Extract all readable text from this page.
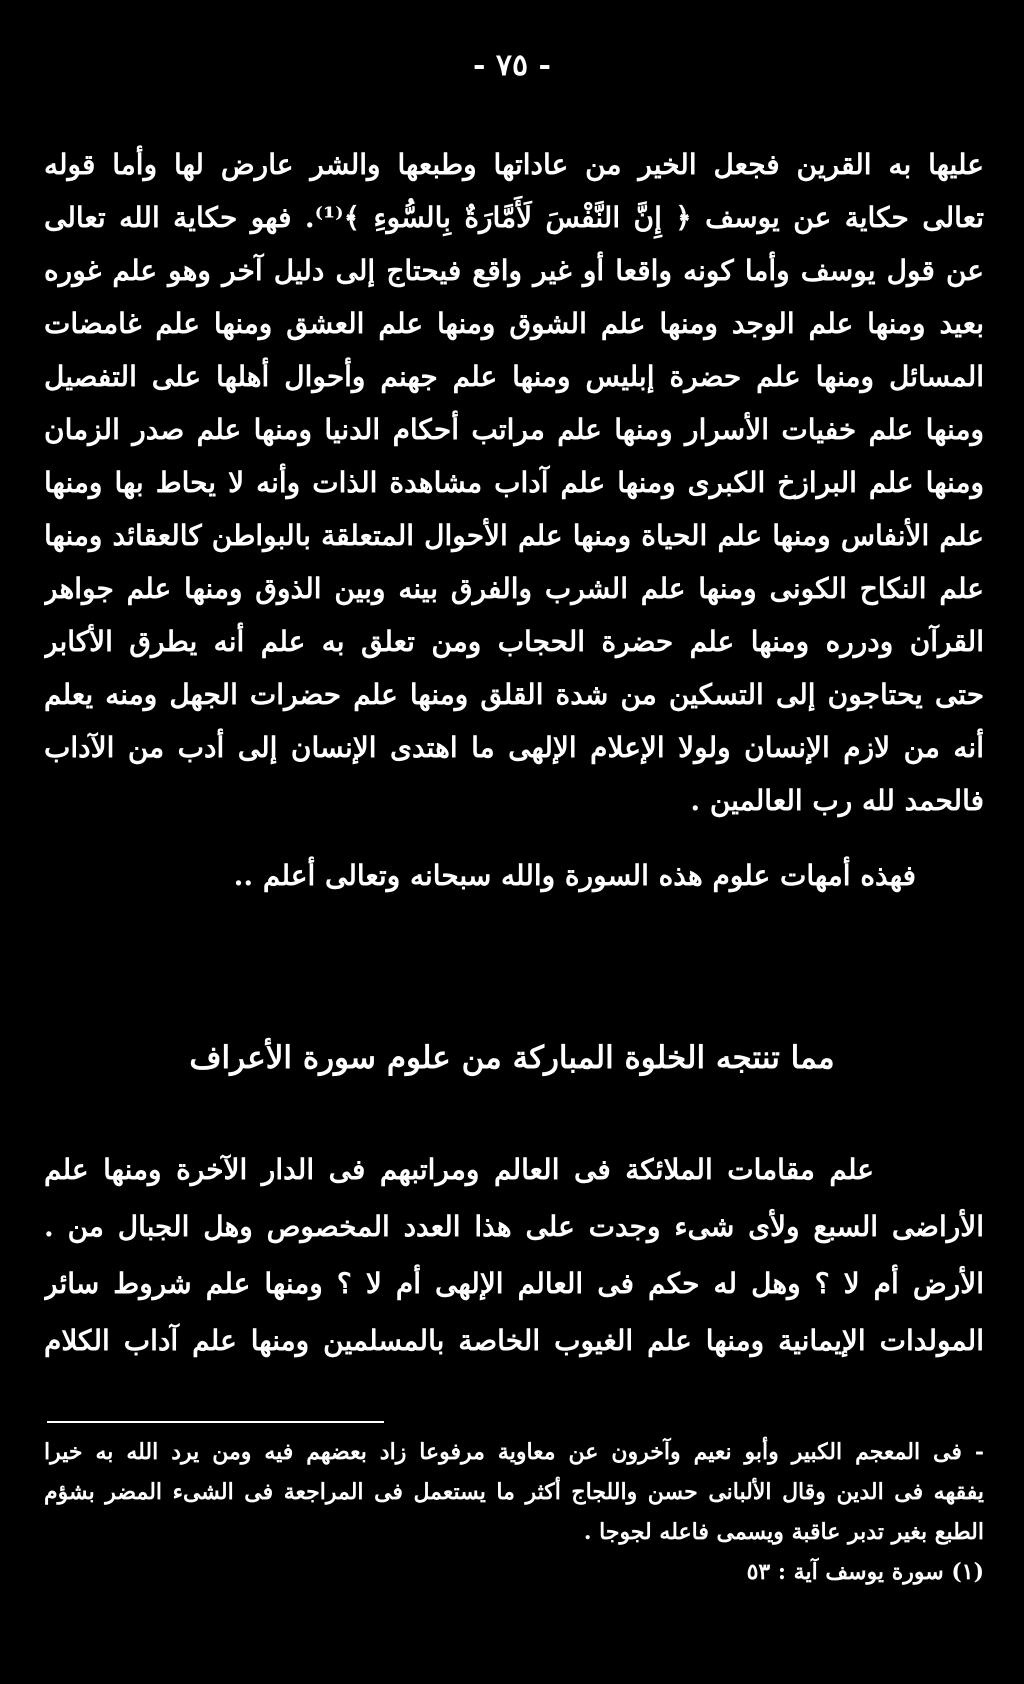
- ٧٥ -
عليها به القرين فجعل الخير من عاداتها وطبعها والشر عارض لها وأما قوله
تعالى حكاية عن يوسف ﴿ إِنَّ النَّفْسَ لَأَمَّارَةٌ بِالسُّوءِ ﴾⁽¹⁾. فهو حكاية الله تعالى
عن قول يوسف وأما كونه واقعا أو غير واقع فيحتاج إلى دليل آخر وهو علم غوره
بعيد ومنها علم الوجد ومنها علم الشوق ومنها علم العشق ومنها علم غامضات
المسائل ومنها علم حضرة إبليس ومنها علم جهنم وأحوال أهلها على التفصيل
ومنها علم خفيات الأسرار ومنها علم مراتب أحكام الدنيا ومنها علم صدر الزمان
ومنها علم البرازخ الكبرى ومنها علم آداب مشاهدة الذات وأنه لا يحاط بها ومنها
علم الأنفاس ومنها علم الحياة ومنها علم الأحوال المتعلقة بالبواطن كالعقائد ومنها
علم النكاح الكونى ومنها علم الشرب والفرق بينه وبين الذوق ومنها علم جواهر
القرآن ودرره ومنها علم حضرة الحجاب ومن تعلق به علم أنه يطرق الأكابر
حتى يحتاجون إلى التسكين من شدة القلق ومنها علم حضرات الجهل ومنه يعلم
أنه من لازم الإنسان ولولا الإعلام الإلهى ما اهتدى الإنسان إلى أدب من الآداب
فالحمد لله رب العالمين .
فهذه أمهات علوم هذه السورة والله سبحانه وتعالى أعلم ..
مما تنتجه الخلوة المباركة من علوم سورة الأعراف
علم مقامات الملائكة فى العالم ومراتبهم فى الدار الآخرة ومنها علم
الأراضى السبع ولأى شىء وجدت على هذا العدد المخصوص وهل الجبال من .
الأرض أم لا ؟ وهل له حكم فى العالم الإلهى أم لا ؟ ومنها علم شروط سائر
المولدات الإيمانية ومنها علم الغيوب الخاصة بالمسلمين ومنها علم آداب الكلام
- فى المعجم الكبير وأبو نعيم وآخرون عن معاوية مرفوعا زاد بعضهم فيه ومن يرد الله به خيرا
يفقهه فى الدين وقال الألبانى حسن واللجاج أكثر ما يستعمل فى المراجعة فى الشىء المضر بشؤم
الطبع بغير تدبر عاقبة ويسمى فاعله لجوجا .
(١) سورة يوسف آية : ٥٣
